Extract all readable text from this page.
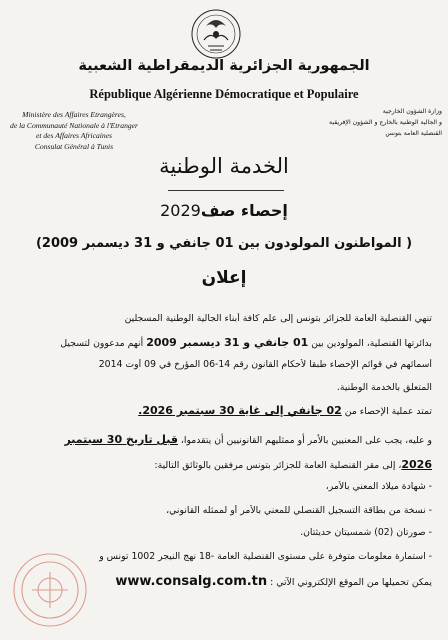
الجمهورية الجزائرية الديمقراطية الشعبية
République Algérienne Démocratique et Populaire
Ministère des Affaires Etrangères,
de la Communauté Nationale à l'Etranger
et des Affaires Africaines
Consulat Général à Tunis
وزارة الشؤون الخارجية
و الجالية الوطنية بالخارج و الشؤون الإفريقية
القنصلية العامة بتونس
الخدمة الوطنية
إحصاء صف2029
( المواطنون المولودون بين 01 جانفي و 31 ديسمبر 2009)
إعلان
تنهي القنصلية العامة للجزائر بتونس إلى علم كافة أبناء الجالية الوطنية المسجلين
بدائرتها القنصلية، المولودين بين 01 جانفي و 31 ديسمبر 2009 أنهم مدعوون لتسجيل
أسمائهم في قوائم الإحصاء طبقا لأحكام القانون رقم 14-06 المؤرخ في 09 أوت 2014
المتعلق بالخدمة الوطنية.
تمتد عملية الإحصاء من 02 جانفي إلى غاية 30 سبتمبر 2026.
و عليه، يجب على المعنيين بالأمر أو ممثليهم القانونيين أن يتقدموا، قبل تاريخ 30 سبتمبر
2026، إلى مقر القنصلية العامة للجزائر بتونس مرفقين بالوثائق التالية:
- شهادة ميلاد المعني بالأمر،
- نسخة من بطاقة التسجيل القنصلي للمعني بالأمر أو لممثله القانوني،
- صورتان (02) شمسيتان حديثتان.
- استمارة معلومات متوفرة على مستوى القنصلية العامة -18 نهج النيجر 1002 تونس و
يمكن تحميلها من الموقع الإلكتروني الآتي : www.consalg.com.tn
